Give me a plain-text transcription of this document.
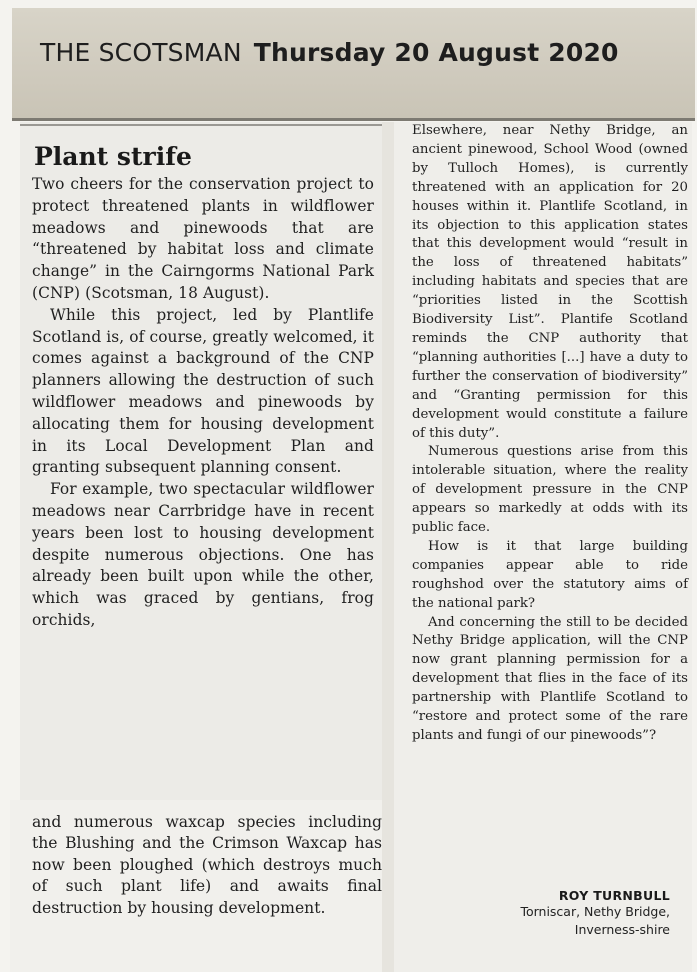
THE SCOTSMAN Thursday 20 August 2020
Plant strife

Two cheers for the conservation project to protect threatened plants in wildflower meadows and pinewoods that are “threatened by habitat loss and climate change” in the Cairngorms National Park (CNP) (Scotsman, 18 August).

While this project, led by Plantlife Scotland is, of course, greatly welcomed, it comes against a background of the CNP planners allowing the destruction of such wildflower meadows and pinewoods by allocating them for housing development in its Local Development Plan and granting subsequent planning consent.

For example, two spectacular wildflower meadows near Carrbridge have in recent years been lost to housing development despite numerous objections. One has already been built upon while the other, which was graced by gentians, frog orchids,

and numerous waxcap species including the Blushing and the Crimson Waxcap has now been ploughed (which destroys much of such plant life) and awaits final destruction by housing development.

Elsewhere, near Nethy Bridge, an ancient pinewood, School Wood (owned by Tulloch Homes), is currently threatened with an application for 20 houses within it. Plantlife Scotland, in its objection to this application states that this development would “result in the loss of threatened habitats” including habitats and species that are “priorities listed in the Scottish Biodiversity List”. Plantife Scotland reminds the CNP authority that “planning authorities [...] have a duty to further the conservation of biodiversity” and “Granting permission for this development would constitute a failure of this duty”.

Numerous questions arise from this intolerable situation, where the reality of development pressure in the CNP appears so markedly at odds with its public face.

How is it that large building companies appear able to ride roughshod over the statutory aims of the national park?

And concerning the still to be decided Nethy Bridge application, will the CNP now grant planning permission for a development that flies in the face of its partnership with Plantlife Scotland to “restore and protect some of the rare plants and fungi of our pinewoods”?

ROY TURNBULL
Torniscar, Nethy Bridge,
Inverness-shire
